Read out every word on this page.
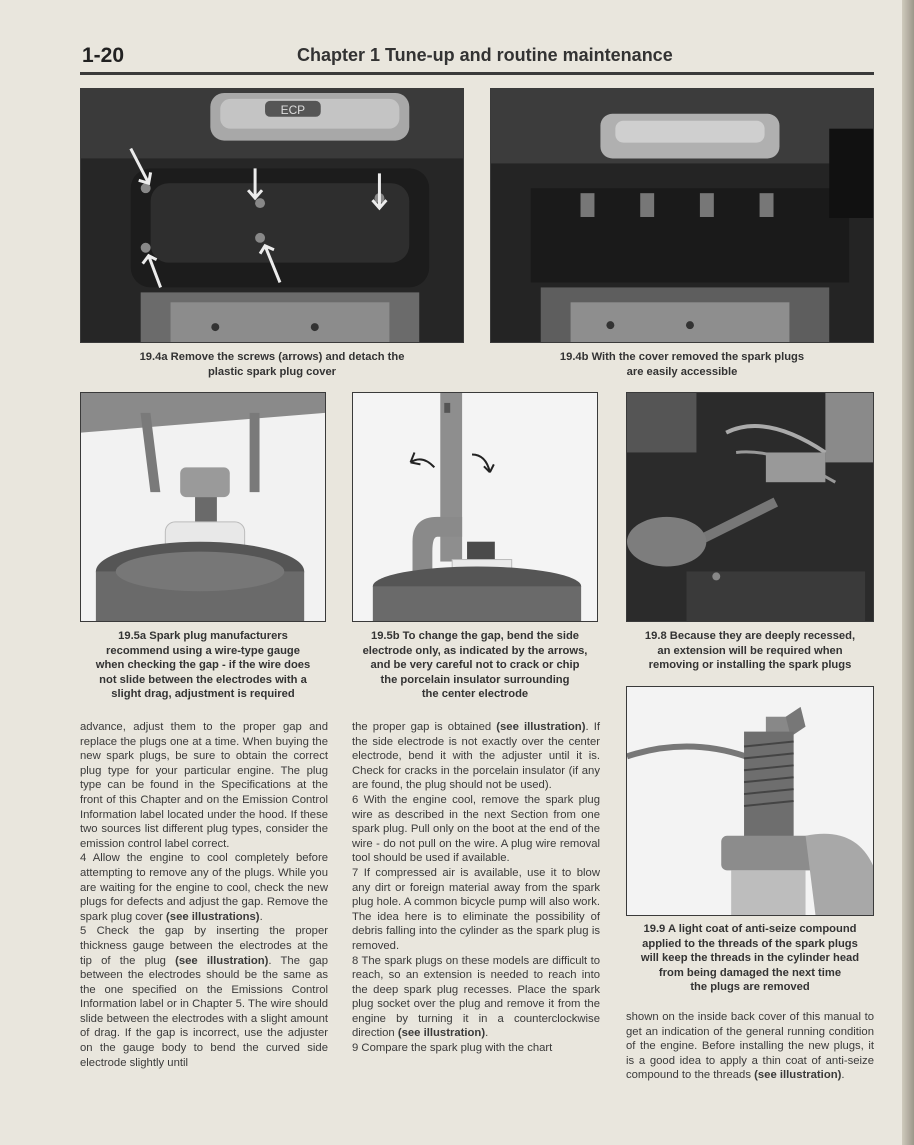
1-20	Chapter 1 Tune-up and routine maintenance
ECP
19.4a Remove the screws (arrows) and detach the
plastic spark plug cover
19.4b With the cover removed the spark plugs
are easily accessible
19.5a Spark plug manufacturers
recommend using a wire-type gauge
when checking the gap - if the wire does
not slide between the electrodes with a
slight drag, adjustment is required
19.5b To change the gap, bend the side
electrode only, as indicated by the arrows,
and be very careful not to crack or chip
the porcelain insulator surrounding
the center electrode
19.8 Because they are deeply recessed,
an extension will be required when
removing or installing the spark plugs
19.9 A light coat of anti-seize compound
applied to the threads of the spark plugs
will keep the threads in the cylinder head
from being damaged the next time
the plugs are removed

advance, adjust them to the proper gap and replace the plugs one at a time. When buying the new spark plugs, be sure to obtain the correct plug type for your particular engine. The plug type can be found in the Specifications at the front of this Chapter and on the Emission Control Information label located under the hood. If these two sources list different plug types, consider the emission control label correct.

4 Allow the engine to cool completely before attempting to remove any of the plugs. While you are waiting for the engine to cool, check the new plugs for defects and adjust the gap. Remove the spark plug cover (see illustrations).

5 Check the gap by inserting the proper thickness gauge between the electrodes at the tip of the plug (see illustration). The gap between the electrodes should be the same as the one specified on the Emissions Control Information label or in Chapter 5. The wire should slide between the electrodes with a slight amount of drag. If the gap is incorrect, use the adjuster on the gauge body to bend the curved side electrode slightly until

the proper gap is obtained (see illustration). If the side electrode is not exactly over the center electrode, bend it with the adjuster until it is. Check for cracks in the porcelain insulator (if any are found, the plug should not be used).

6 With the engine cool, remove the spark plug wire as described in the next Section from one spark plug. Pull only on the boot at the end of the wire - do not pull on the wire. A plug wire removal tool should be used if available.

7 If compressed air is available, use it to blow any dirt or foreign material away from the spark plug hole. A common bicycle pump will also work. The idea here is to eliminate the possibility of debris falling into the cylinder as the spark plug is removed.

8 The spark plugs on these models are difficult to reach, so an extension is needed to reach into the deep spark plug recesses. Place the spark plug socket over the plug and remove it from the engine by turning it in a counterclockwise direction (see illustration).

9 Compare the spark plug with the chart

shown on the inside back cover of this manual to get an indication of the general running condition of the engine. Before installing the new plugs, it is a good idea to apply a thin coat of anti-seize compound to the threads (see illustration).
